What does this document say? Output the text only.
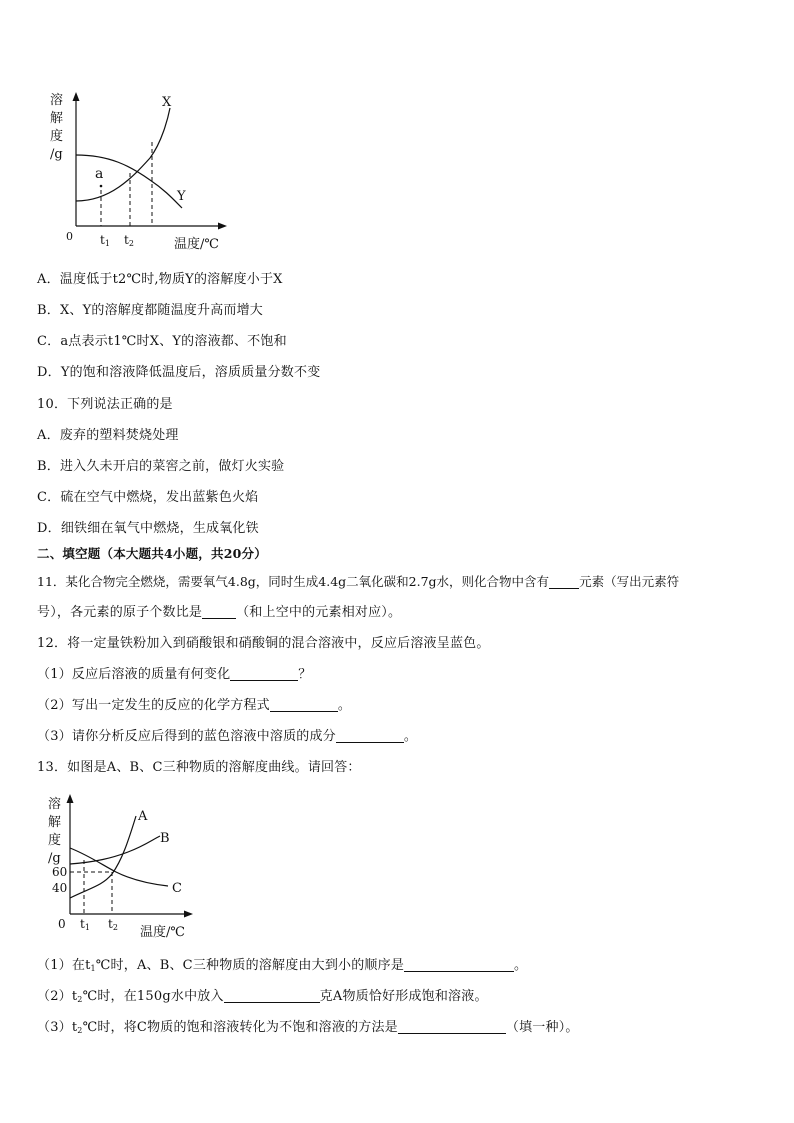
溶
解
度
/g
X
Y
a
0 t1 t2	温度/℃
A．温度低于t2℃时,物质Y的溶解度小于X
B．X、Y的溶解度都随温度升高而增大
C．a点表示t1℃时X、Y的溶液都、不饱和
D．Y的饱和溶液降低温度后，溶质质量分数不变
10．下列说法正确的是
A．废弃的塑料焚烧处理
B．进入久未开启的菜窖之前，做灯火实验
C．硫在空气中燃烧，发出蓝紫色火焰
D．细铁细在氧气中燃烧，生成氧化铁
二、填空题（本大题共4小题，共20分）
11．某化合物完全燃烧，需要氧气4.8g，同时生成4.4g二氧化碳和2.7g水，则化合物中含有 元素（写出元素符
号），各元素的原子个数比是	（和上空中的元素相对应）。
12．将一定量铁粉加入到硝酸银和硝酸铜的混合溶液中，反应后溶液呈蓝色。
（1）反应后溶液的质量有何变化	？
（2）写出一定发生的反应的化学方程式	。
（3）请你分析反应后得到的蓝色溶液中溶质的成分	。
13．如图是A、B、C三种物质的溶解度曲线。请回答：
溶
解
度
/g
60
40
A
B
C
0 t1 t2 温度/℃
（1）在$t_1℃$时，A、B、C三种物质的溶解度由大到小的顺序是	。
$(2)t_2℃$时，在150g水中放入	克A物质恰好形成饱和溶液。
$(3)t_2℃$时，将C物质的饱和溶液转化为不饱和溶液的方法是	（填一种）。
